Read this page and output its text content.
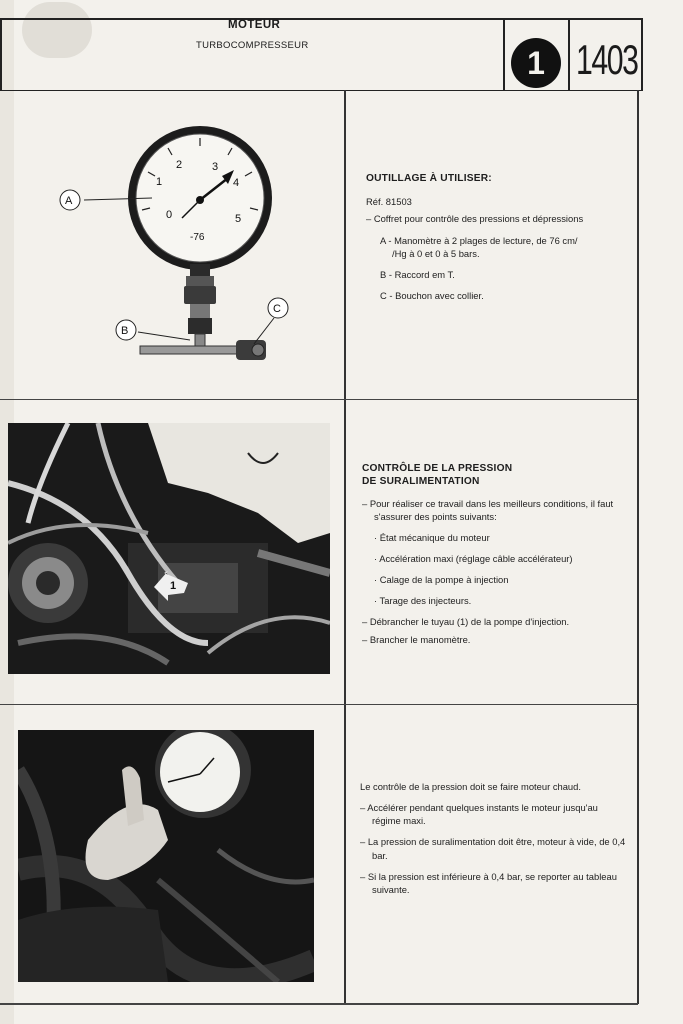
MOTEUR
TURBOCOMPRESSEUR	1 1403
1
2	3
4
0	5
-76
A
B
C

OUTILLAGE À UTILISER:

Réf. 81503

– Coffret pour contrôle des pressions et dépressions

A - Manomètre à 2 plages de lecture, de 76 cm/

/Hg à 0 et 0 à 5 bars.

B - Raccord em T.

C - Bouchon avec collier.

1

CONTRÔLE DE LA PRESSION
DE SURALIMENTATION

– Pour réaliser ce travail dans les meilleurs conditions, il faut s'assurer des points suivants:

· État mécanique du moteur

· Accélération maxi (réglage câble accélérateur)

· Calage de la pompe à injection

· Tarage des injecteurs.

– Débrancher le tuyau (1) de la pompe d'injection.

– Brancher le manomètre.

Le contrôle de la pression doit se faire moteur chaud.

– Accélérer pendant quelques instants le moteur jusqu'au régime maxi.

– La pression de suralimentation doit être, moteur à vide, de 0,4 bar.

– Si la pression est inférieure à 0,4 bar, se reporter au tableau suivante.
